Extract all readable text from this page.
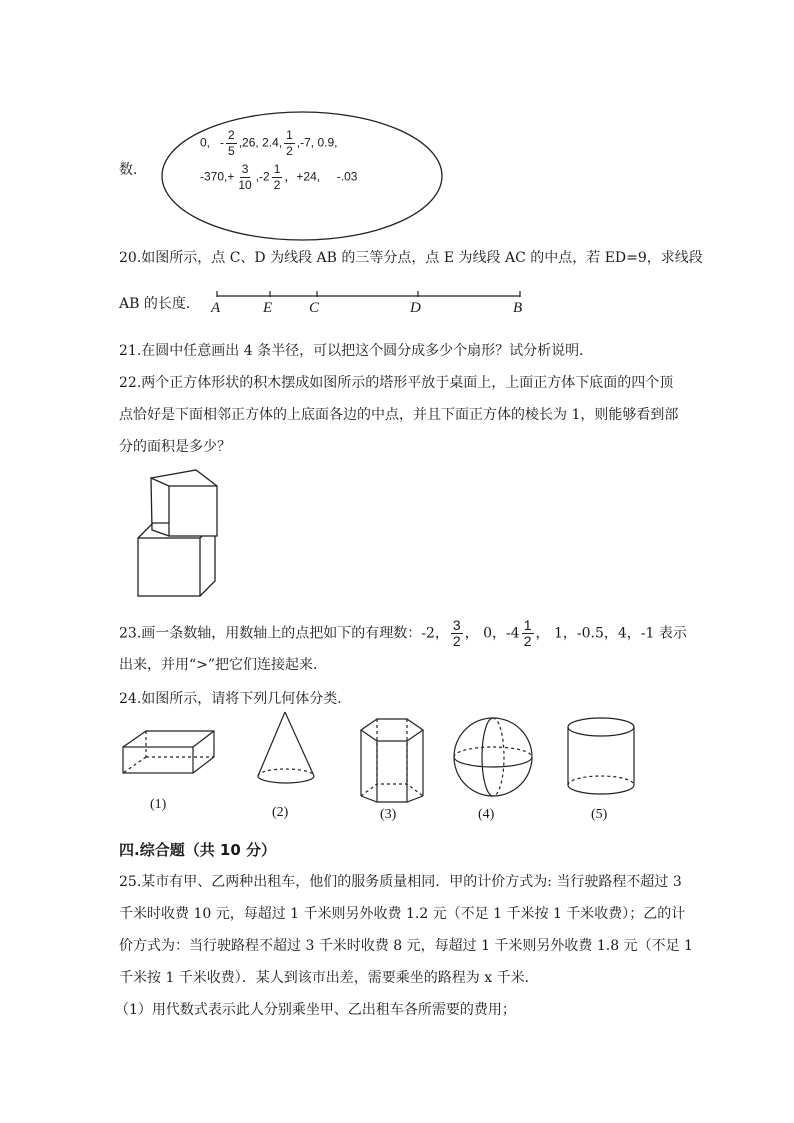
数．
0, - $\frac{2}{5} ,26$, 2.4, $\frac{1}{2} ,-7$, 0.9,
$-370,+ \frac{3}{10} ,-2 \frac{1}{2}$ ，+24, -.03
20.如图所示，点 C、D 为线段 AB 的三等分点，点 E 为线段 AC 的中点，若 ED=9，求线段
AB 的长度． A	E C	D	B
21.在圆中任意画出 4 条半径，可以把这个圆分成多少个扇形？试分析说明．
22.两个正方体形状的积木摆成如图所示的塔形平放于桌面上，上面正方体下底面的四个顶
点恰好是下面相邻正方体的上底面各边的中点，并且下面正方体的棱长为 1，则能够看到部
分的面积是多少？
23.画一条数轴，用数轴上的点把如下的有理数：-2， $\frac{3}{2}$ ， 0，$-4 \frac{1}{2}$ ， 1，-0.5，4，-1 表示
出来，并用“>”把它们连接起来．
24.如图所示，请将下列几何体分类．
(1)
(2)	(3)	(4)	(5)
四.综合题（共 10 分）
25.某市有甲、乙两种出租车，他们的服务质量相同．甲的计价方式为: 当行驶路程不超过 3
千米时收费 10 元，每超过 1 千米则另外收费 1.2 元（不足 1 千米按 1 千米收费）；乙的计
价方式为：当行驶路程不超过 3 千米时收费 8 元，每超过 1 千米则另外收费 1.8 元（不足 1
千米按 1 千米收费）．某人到该市出差，需要乘坐的路程为 x 千米．
（1）用代数式表示此人分别乘坐甲、乙出租车各所需要的费用；
